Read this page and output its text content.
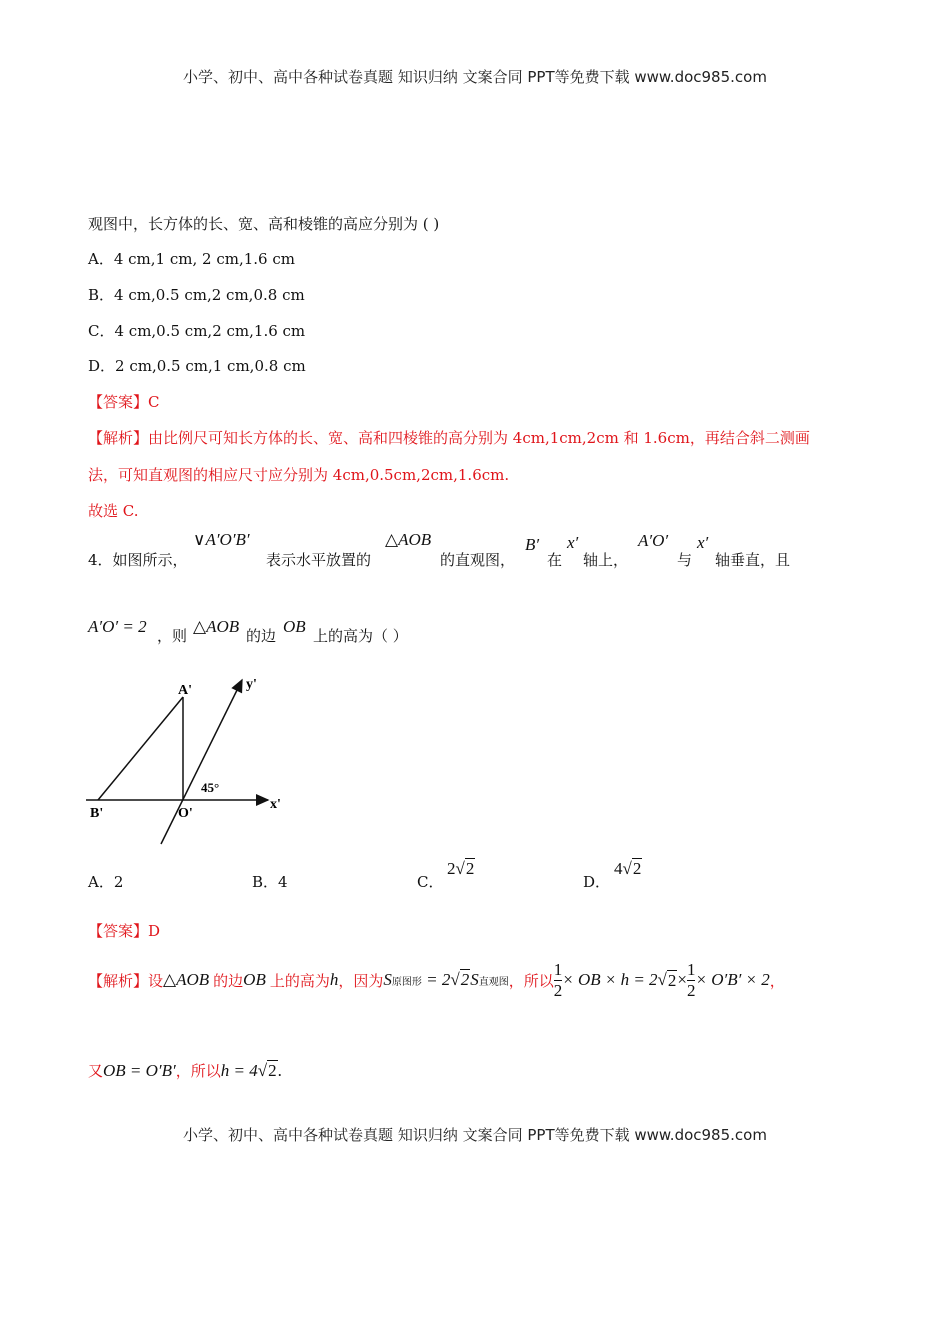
小学、初中、高中各种试卷真题 知识归纳 文案合同 PPT等免费下载 www.doc985.com
观图中，长方体的长、宽、高和棱锥的高应分别为 ( )
A．4 cm,1 cm, 2 cm,1.6 cm
B．4 cm,0.5 cm,2 cm,0.8 cm
C．4 cm,0.5 cm,2 cm,1.6 cm
D．2 cm,0.5 cm,1 cm,0.8 cm
【答案】C
【解析】由比例尺可知长方体的长、宽、高和四棱锥的高分别为 4cm,1cm,2cm 和 1.6cm，再结合斜二测画
法，可知直观图的相应尺寸应分别为 4cm,0.5cm,2cm,1.6cm.
故选 C.
4．如图所示，
∨A′O′B′
表示水平放置的
△AOB
的直观图，
B′
在
x′
轴上，
A′O′
与
x′
轴垂直，且
A′O′ = 2 ，则 △AOB 的边 OB 上的高为（ ）
A'
B'	O'
x'
y'
45°
A．2	B．4	C．
2√2
D．
4√2
【答案】D
【解析】 设 △AOB 的边 OB 上的高为 h ，因为 S原图形 = 2√2S直观图 ，所以 $\frac{1}{2}$ × OB × h = 2 √ $2 \times \frac{1}{2} \times O'B' \times 2$ ，
又 OB = O′B′ ，所以 h = 4 √ 2 .
小学、初中、高中各种试卷真题 知识归纳 文案合同 PPT等免费下载 www.doc985.com
